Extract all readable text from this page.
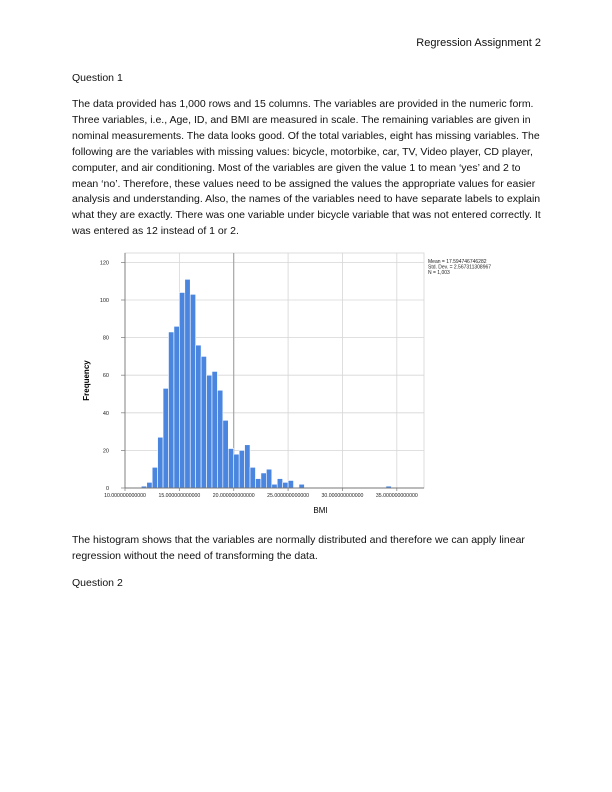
Regression Assignment 2
Question 1

The data provided has 1,000 rows and 15 columns. The variables are provided in the numeric form. Three variables, i.e., Age, ID, and BMI are measured in scale. The remaining variables are given in nominal measurements. The data looks good. Of the total variables, eight has missing variables. The following are the variables with missing values: bicycle, motorbike, car, TV, Video player, CD player, computer, and air conditioning. Most of the variables are given the value 1 to mean ‘yes’ and 2 to mean ‘no’. Therefore, these values need to be assigned the values the appropriate values for easier analysis and understanding. Also, the names of the variables need to have separate labels to explain what they are exactly. There was one variable under bicycle variable that was not entered correctly. It was entered as 12 instead of 1 or 2.

0
20
40
60
80
100
120
10.000000000000 15.000000000000 20.000000000000 25.000000000000 30.000000000000 35.000000000000
BMI
Frequency
Mean = 17.5947467462​82
Std. Dev. = 2.567311308967
N = 1,003

The histogram shows that the variables are normally distributed and therefore we can apply linear regression without the need of transforming the data.

Question 2
